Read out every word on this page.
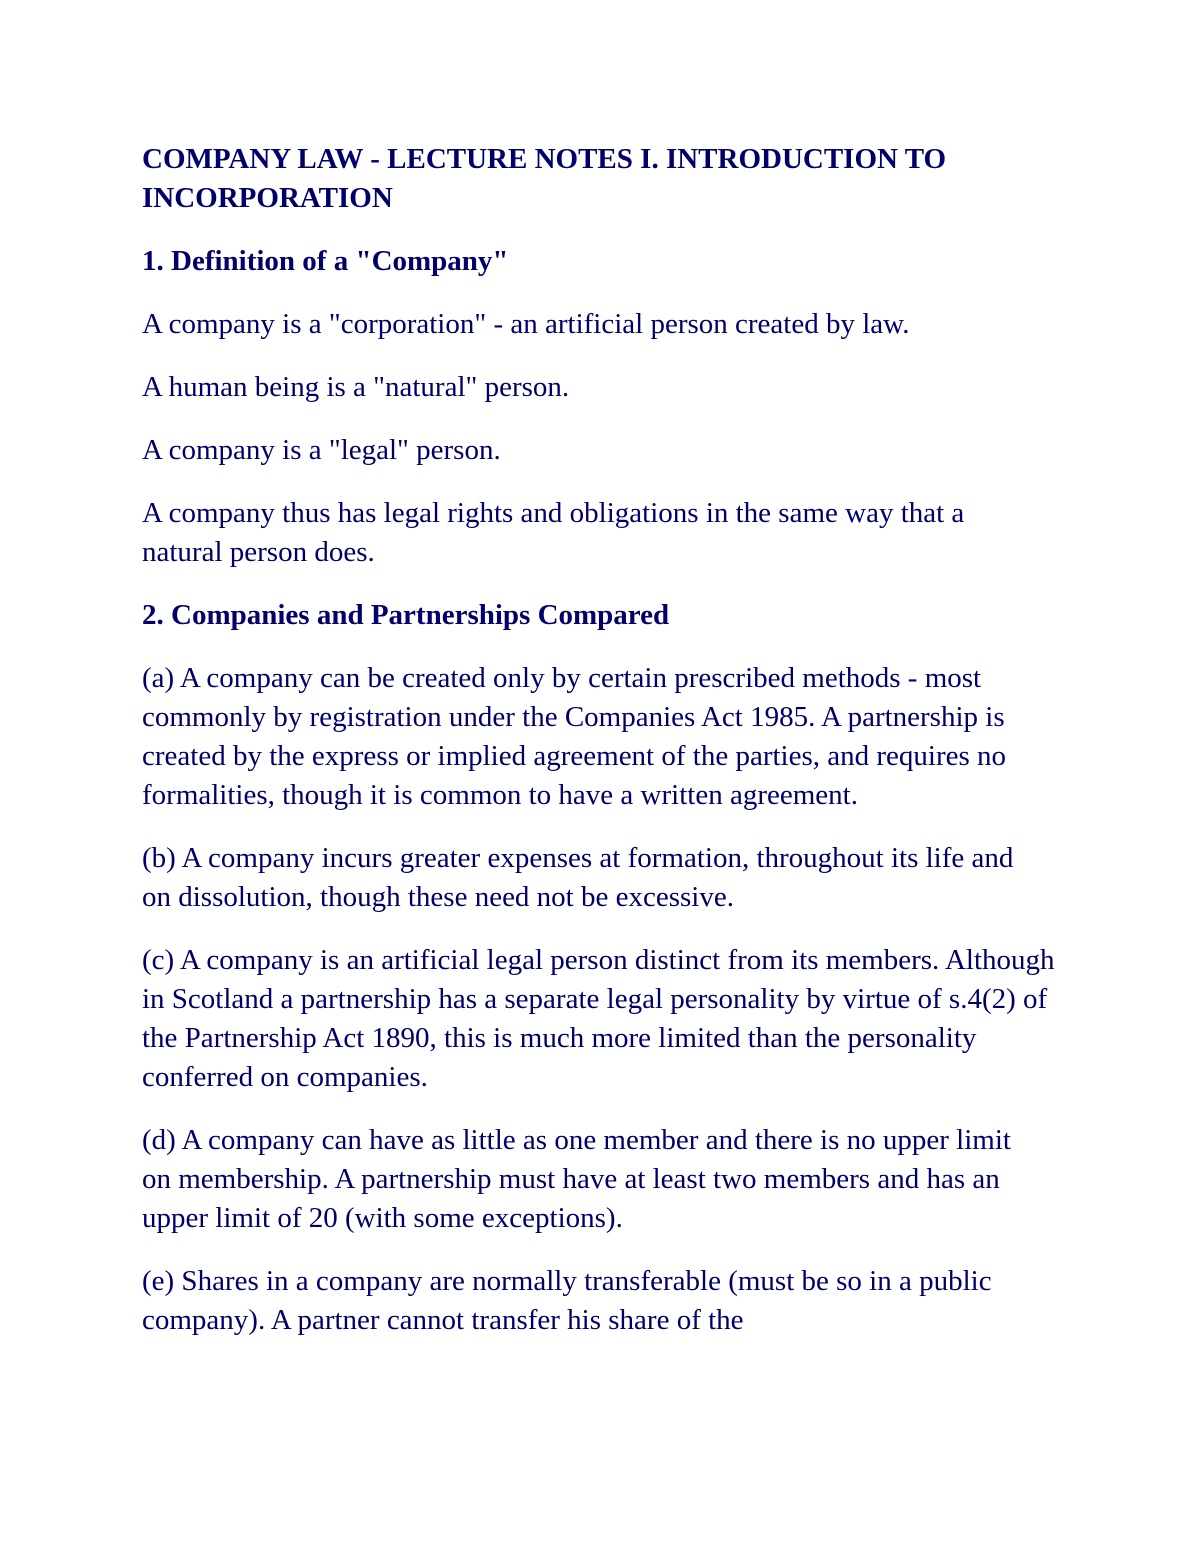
COMPANY LAW - LECTURE NOTES I. INTRODUCTION TO INCORPORATION
1. Definition of a "Company"
A company is a "corporation" - an artificial person created by law.
A human being is a "natural" person.
A company is a "legal" person.
A company thus has legal rights and obligations in the same way that a natural person does.
2. Companies and Partnerships Compared
(a) A company can be created only by certain prescribed methods - most commonly by registration under the Companies Act 1985. A partnership is created by the express or implied agreement of the parties, and requires no formalities, though it is common to have a written agreement.
(b) A company incurs greater expenses at formation, throughout its life and on dissolution, though these need not be excessive.
(c) A company is an artificial legal person distinct from its members. Although in Scotland a partnership has a separate legal personality by virtue of s.4(2) of the Partnership Act 1890, this is much more limited than the personality conferred on companies.
(d) A company can have as little as one member and there is no upper limit on membership. A partnership must have at least two members and has an upper limit of 20 (with some exceptions).
(e) Shares in a company are normally transferable (must be so in a public company). A partner cannot transfer his share of the
